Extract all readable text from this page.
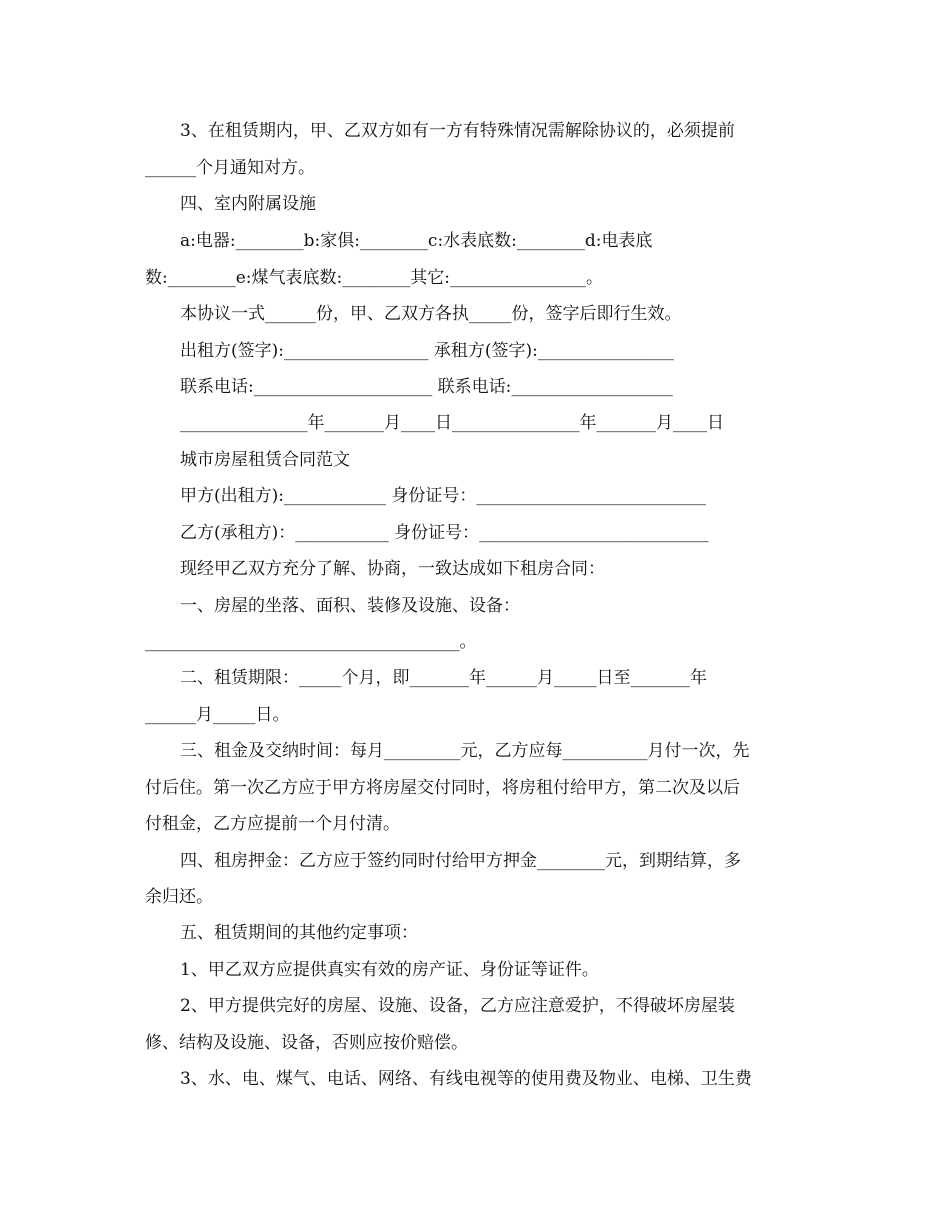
3、在租赁期内，甲、乙双方如有一方有特殊情况需解除协议的，必须提前
______个月通知对方。
四、室内附属设施
a:电器:________b:家俱:________c:水表底数:________d:电表底
数:________e:煤气表底数:________其它:________________。
本协议一式______份，甲、乙双方各执_____份，签字后即行生效。
出租方(签字):_________________ 承租方(签字):________________
联系电话:_____________________ 联系电话:___________________
_______________年_______月____日_______________年_______月____日
城市房屋租赁合同范文
甲方(出租方):____________ 身份证号：___________________________
乙方(承租方)：___________ 身份证号：___________________________
现经甲乙双方充分了解、协商，一致达成如下租房合同：
一、房屋的坐落、面积、装修及设施、设备：
_____________________________________。
二、租赁期限：_____个月，即_______年______月_____日至_______年
______月_____日。
三、租金及交纳时间：每月_________元，乙方应每__________月付一次，先
付后住。第一次乙方应于甲方将房屋交付同时，将房租付给甲方，第二次及以后
付租金，乙方应提前一个月付清。
四、租房押金：乙方应于签约同时付给甲方押金________元，到期结算，多
余归还。
五、租赁期间的其他约定事项：
1、甲乙双方应提供真实有效的房产证、身份证等证件。
2、甲方提供完好的房屋、设施、设备，乙方应注意爱护，不得破坏房屋装
修、结构及设施、设备，否则应按价赔偿。
3、水、电、煤气、电话、网络、有线电视等的使用费及物业、电梯、卫生费
